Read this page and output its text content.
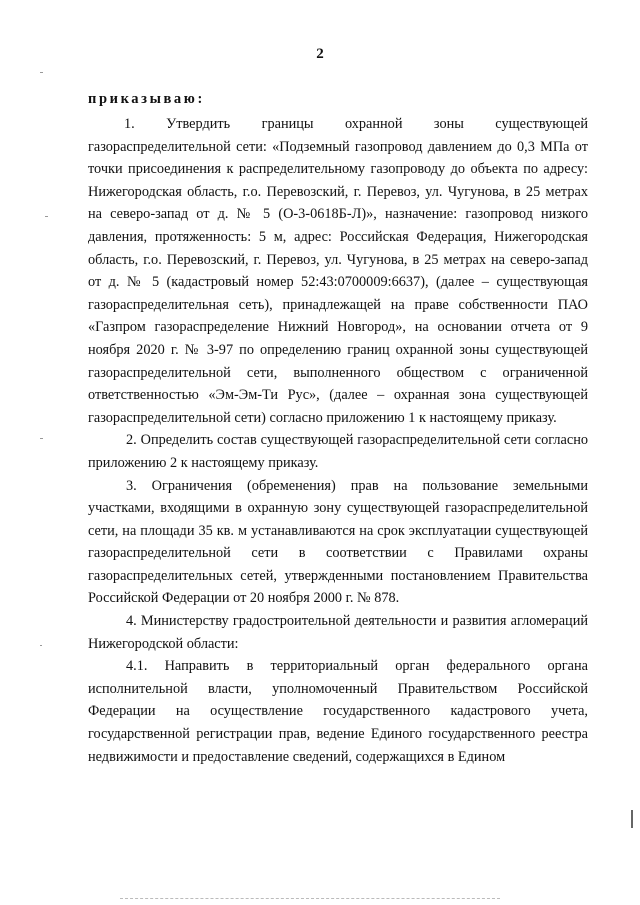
2
приказываю:

1. Утвердить границы охранной зоны существующей газораспределительной сети: «Подземный газопровод давлением до 0,3 МПа от точки присоединения к распределительному газопроводу до объекта по адресу: Нижегородская область, г.о. Перевозский, г. Перевоз, ул. Чугунова, в 25 метрах на северо-запад от д. № 5 (О-3-0618Б-Л)», назначение: газопровод низкого давления, протяженность: 5 м, адрес: Российская Федерация, Нижегородская область, г.о. Перевозский, г. Перевоз, ул. Чугунова, в 25 метрах на северо-запад от д. № 5 (кадастровый номер 52:43:0700009:6637), (далее – существующая газораспределительная сеть), принадлежащей на праве собственности ПАО «Газпром газораспределение Нижний Новгород», на основании отчета от 9 ноября 2020 г. № 3-97 по определению границ охранной зоны существующей газораспределительной сети, выполненного обществом с ограниченной ответственностью «Эм-Эм-Ти Рус», (далее – охранная зона существующей газораспределительной сети) согласно приложению 1 к настоящему приказу.

2. Определить состав существующей газораспределительной сети согласно приложению 2 к настоящему приказу.

3. Ограничения (обременения) прав на пользование земельными участками, входящими в охранную зону существующей газораспределительной сети, на площади 35 кв. м устанавливаются на срок эксплуатации существующей газораспределительной сети в соответствии с Правилами охраны газораспределительных сетей, утвержденными постановлением Правительства Российской Федерации от 20 ноября 2000 г. № 878.

4. Министерству градостроительной деятельности и развития агломераций Нижегородской области:

4.1. Направить в территориальный орган федерального органа исполнительной власти, уполномоченный Правительством Российской Федерации на осуществление государственного кадастрового учета, государственной регистрации прав, ведение Единого государственного реестра недвижимости и предоставление сведений, содержащихся в Едином
